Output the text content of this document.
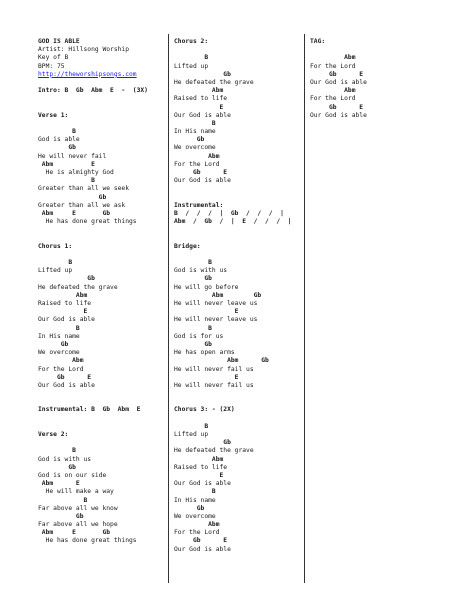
GOD IS ABLE
Artist: Hillsong Worship
Key of B
BPM: 75
http://theworshipsongs.com
Intro: B  Gb  Abm  E  -  (3X)
Verse 1:
B
God is able
Gb
He will never fail
Abm          E
He is almighty God
B
Greater than all we seek
Gb
Greater than all we ask
Abm     E       Gb
He has done great things
Chorus 1:
B
Lifted up
Gb
He defeated the grave
Abm
Raised to life
E
Our God is able
B
In His name
Gb
We overcome
Abm
For the Lord
Gb      E
Our God is able
Instrumental: B  Gb  Abm  E
Verse 2:
B
God is with us
Gb
God is on our side
Abm      E
He will make a way
B
Far above all we know
Gb
Far above all we hope
Abm     E       Gb
He has done great things
Chorus 2:
B
Lifted up
Gb
He defeated the grave
Abm
Raised to life
E
Our God is able
B
In His name
Gb
We overcome
Abm
For the Lord
Gb      E
Our God is able
Instrumental:
B  /  /  /  |  Gb  /  /  /  |
Abm  /  Gb  /  |  E  /  /  /  |
Bridge:
B
God is with us
Gb
He will go before
Abm        Gb
He will never leave us
E
He will never leave us
B
God is for us
Gb
He has open arms
Abm      Gb
He will never fail us
E
He will never fail us
Chorus 3: - (2X)
B
Lifted up
Gb
He defeated the grave
Abm
Raised to life
E
Our God is able
B
In His name
Gb
We overcome
Abm
For the Lord
Gb      E
Our God is able
TAG:
Abm
For the Lord
Gb      E
Our God is able
Abm
For the Lord
Gb      E
Our God is able
